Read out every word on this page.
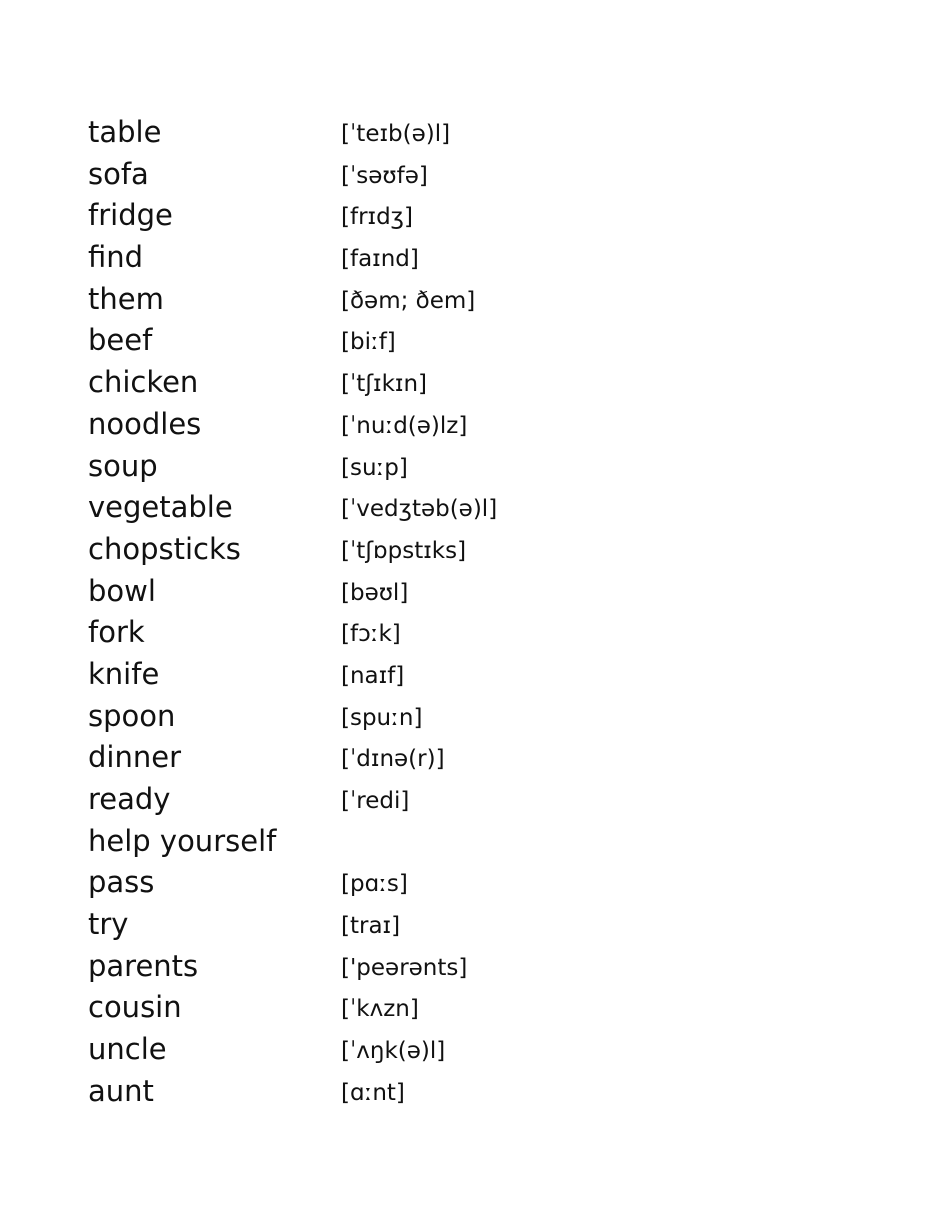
table	[ˈteɪb(ə)l]
sofa	[ˈsəʊfə]
fridge	[frɪdʒ]
find	[faɪnd]
them	[ðəm; ðem]
beef	[biːf]
chicken	[ˈtʃɪkɪn]
noodles	[ˈnuːd(ə)lz]
soup	[suːp]
vegetable	[ˈvedʒtəb(ə)l]
chopsticks	[ˈtʃɒpstɪks]
bowl	[bəʊl]
fork	[fɔːk]
knife	[naɪf]
spoon	[spuːn]
dinner	[ˈdɪnə(r)]
ready	[ˈredi]
help yourself
pass	[pɑːs]
try	[traɪ]
parents	['peərənts]
cousin	[ˈkʌzn]
uncle	[ˈʌŋk(ə)l]
aunt	[ɑːnt]
